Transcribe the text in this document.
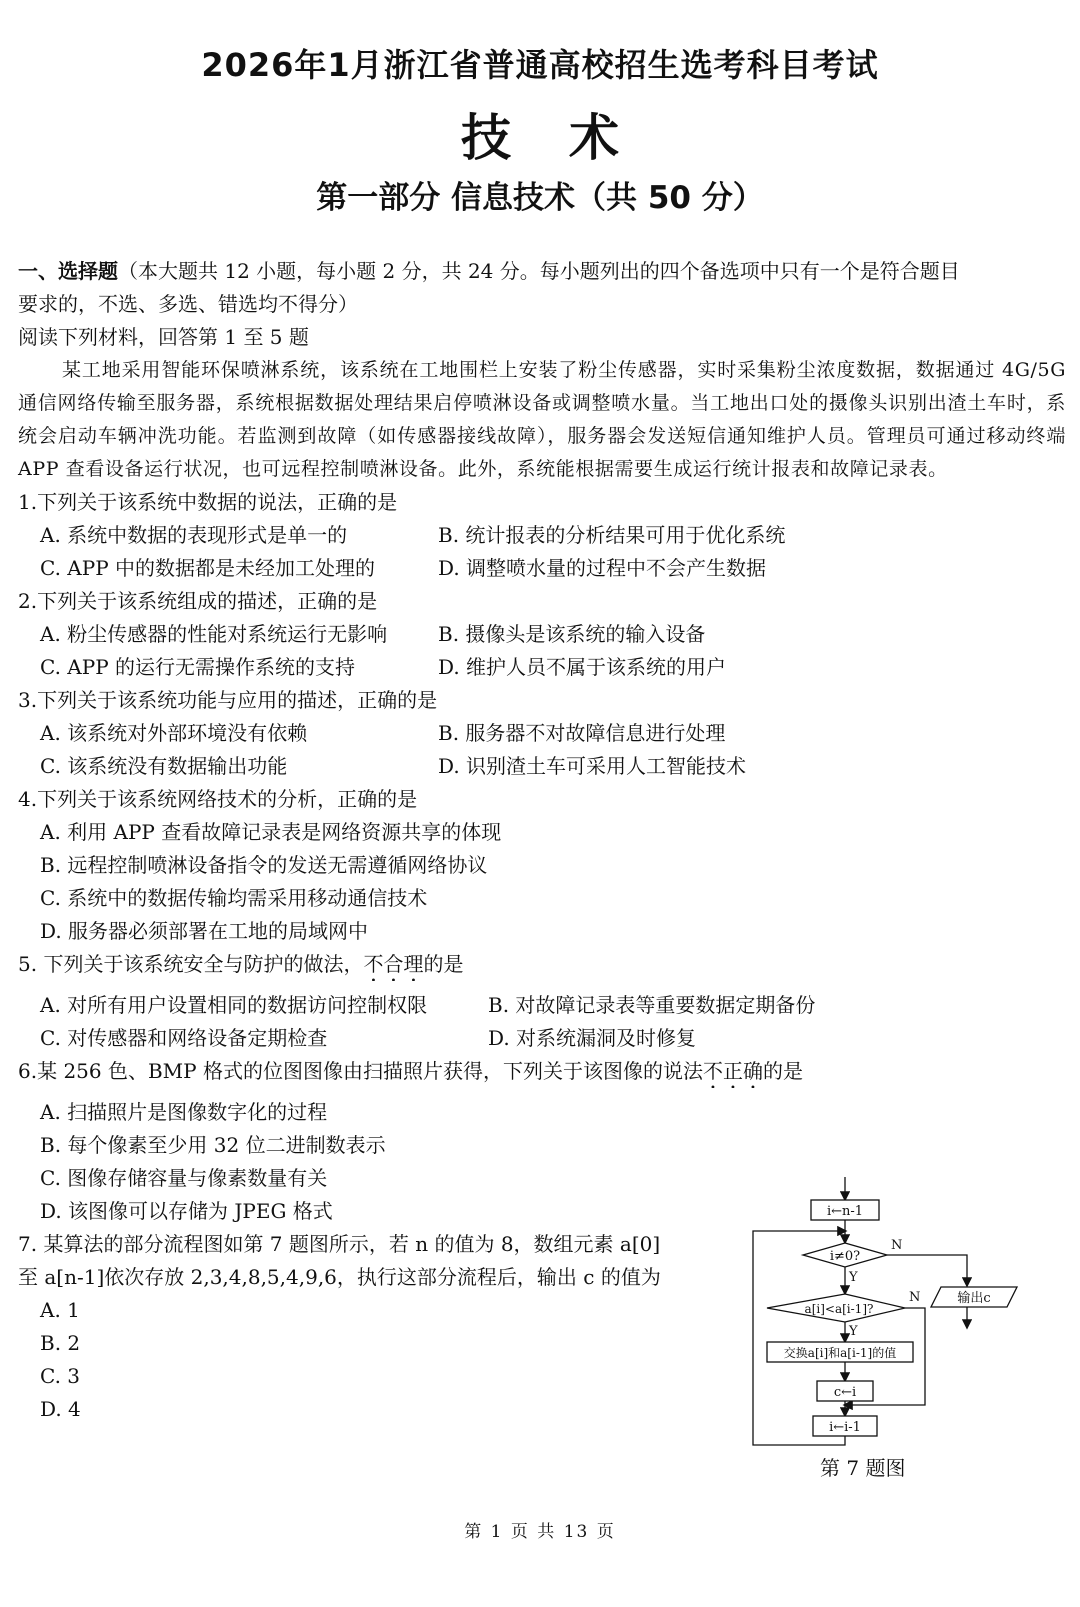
2026年1月浙江省普通高校招生选考科目考试
技术
第一部分 信息技术（共 50 分）
一、选择题（本大题共 12 小题，每小题 2 分，共 24 分。每小题列出的四个备选项中只有一个是符合题目
要求的，不选、多选、错选均不得分）
阅读下列材料，回答第 1 至 5 题
某工地采用智能环保喷淋系统，该系统在工地围栏上安装了粉尘传感器，实时采集粉尘浓度数据，数据通过 4G/5G 通信网络传输至服务器，系统根据数据处理结果启停喷淋设备或调整喷水量。当工地出口处的摄像头识别出渣土车时，系统会启动车辆冲洗功能。若监测到故障（如传感器接线故障），服务器会发送短信通知维护人员。管理员可通过移动终端 APP 查看设备运行状况，也可远程控制喷淋设备。此外，系统能根据需要生成运行统计报表和故障记录表。
1.下列关于该系统中数据的说法，正确的是
A. 系统中数据的表现形式是单一的	B. 统计报表的分析结果可用于优化系统
C. APP 中的数据都是未经加工处理的	D. 调整喷水量的过程中不会产生数据
2.下列关于该系统组成的描述，正确的是
A. 粉尘传感器的性能对系统运行无影响	B. 摄像头是该系统的输入设备
C. APP 的运行无需操作系统的支持	D. 维护人员不属于该系统的用户
3.下列关于该系统功能与应用的描述，正确的是
A. 该系统对外部环境没有依赖	B. 服务器不对故障信息进行处理
C. 该系统没有数据输出功能	D. 识别渣土车可采用人工智能技术
4.下列关于该系统网络技术的分析，正确的是
A. 利用 APP 查看故障记录表是网络资源共享的体现
B. 远程控制喷淋设备指令的发送无需遵循网络协议
C. 系统中的数据传输均需采用移动通信技术
D. 服务器必须部署在工地的局域网中
5. 下列关于该系统安全与防护的做法，不合理的是
A. 对所有用户设置相同的数据访问控制权限	B. 对故障记录表等重要数据定期备份
C. 对传感器和网络设备定期检查	D. 对系统漏洞及时修复
6.某 256 色、BMP 格式的位图图像由扫描照片获得，下列关于该图像的说法不正确的是
A. 扫描照片是图像数字化的过程
B. 每个像素至少用 32 位二进制数表示
C. 图像存储容量与像素数量有关
D. 该图像可以存储为 JPEG 格式
7. 某算法的部分流程图如第 7 题图所示，若 n 的值为 8，数组元素 a[0]
至 a[n-1]依次存放 2,3,4,8,5,4,9,6，执行这部分流程后，输出 c 的值为
A. 1
B. 2
C. 3
D. 4
i←n-1
i≠0?
N
Y
输出c
a[i]<a[i-1]?
N
Y
交换a[i]和a[i-1]的值
c←i
i←i-1
第 7 题图
第 1 页 共 13 页
